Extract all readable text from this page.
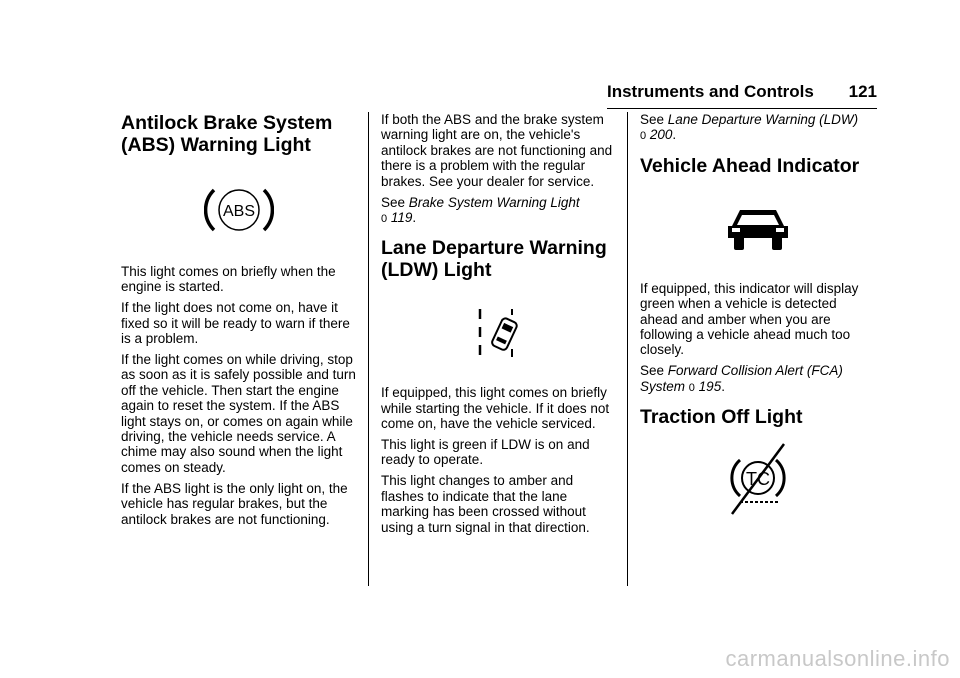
Instruments and Controls 121
Antilock Brake System
(ABS) Warning Light
ABS

This light comes on briefly when the engine is started.

If the light does not come on, have it fixed so it will be ready to warn if there is a problem.

If the light comes on while driving, stop as soon as it is safely possible and turn off the vehicle. Then start the engine again to reset the system. If the ABS light stays on, or comes on again while driving, the vehicle needs service. A chime may also sound when the light comes on steady.

If the ABS light is the only light on, the vehicle has regular brakes, but the antilock brakes are not functioning.

If both the ABS and the brake system warning light are on, the vehicle's antilock brakes are not functioning and there is a problem with the regular brakes. See your dealer for service.

See Brake System Warning Light
0 119.

Lane Departure Warning
(LDW) Light

If equipped, this light comes on briefly while starting the vehicle. If it does not come on, have the vehicle serviced.

This light is green if LDW is on and ready to operate.

This light changes to amber and flashes to indicate that the lane marking has been crossed without using a turn signal in that direction.

See Lane Departure Warning (LDW)
0 200.

Vehicle Ahead Indicator

If equipped, this indicator will display green when a vehicle is detected ahead and amber when you are following a vehicle ahead much too closely.

See Forward Collision Alert (FCA)
System 0 195.

Traction Off Light
TC
carmanualsonline.info
